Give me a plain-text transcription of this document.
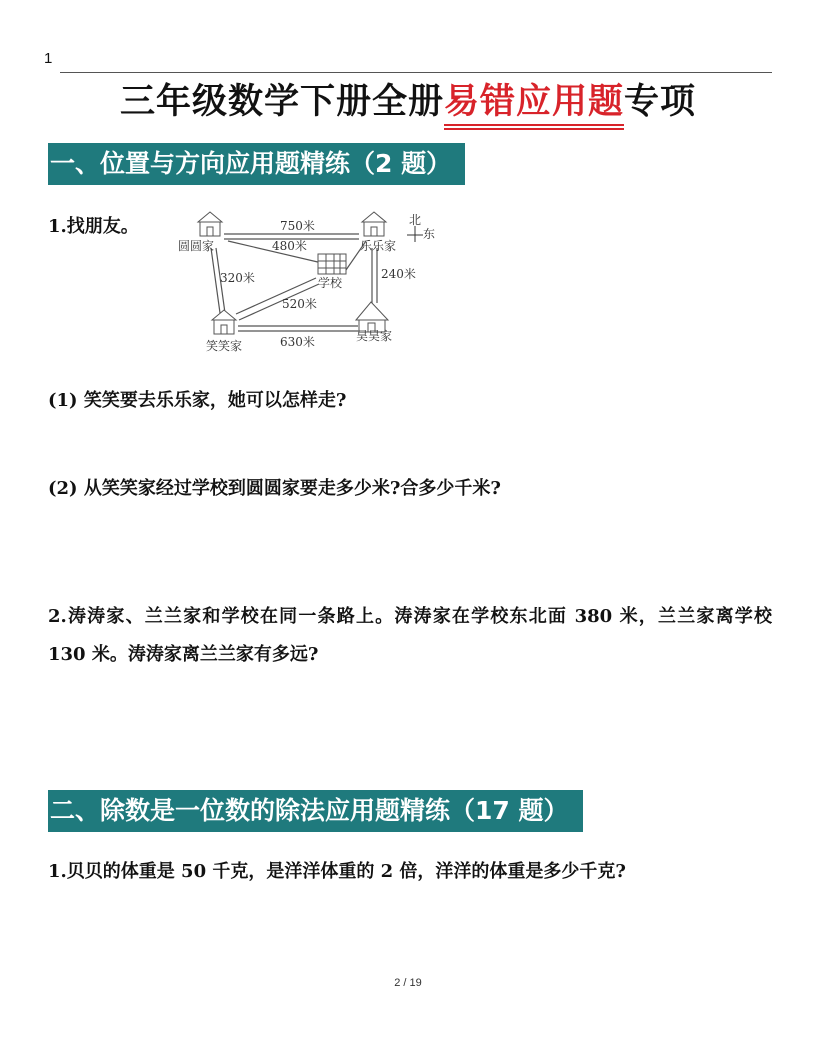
1
三年级数学下册全册易错应用题
专项
一、位置与方向应用题精练（2 题）
1.找朋友。	北
东
圆圆家	乐乐家
学校
笑笑家
昊昊家
750米
480米
320米	240米
520米
630米
(1) 笑笑要去乐乐家，她可以怎样走?
(2) 从笑笑家经过学校到圆圆家要走多少米?合多少千米?
2.涛涛家、兰兰家和学校在同一条路上。涛涛家在学校东北面 380 米，兰兰家离学校 130 米。涛涛家离兰兰家有多远?
二、除数是一位数的除法应用题精练（17 题）
1.贝贝的体重是 50 千克，是洋洋体重的 2 倍，洋洋的体重是多少千克?
2 / 19
